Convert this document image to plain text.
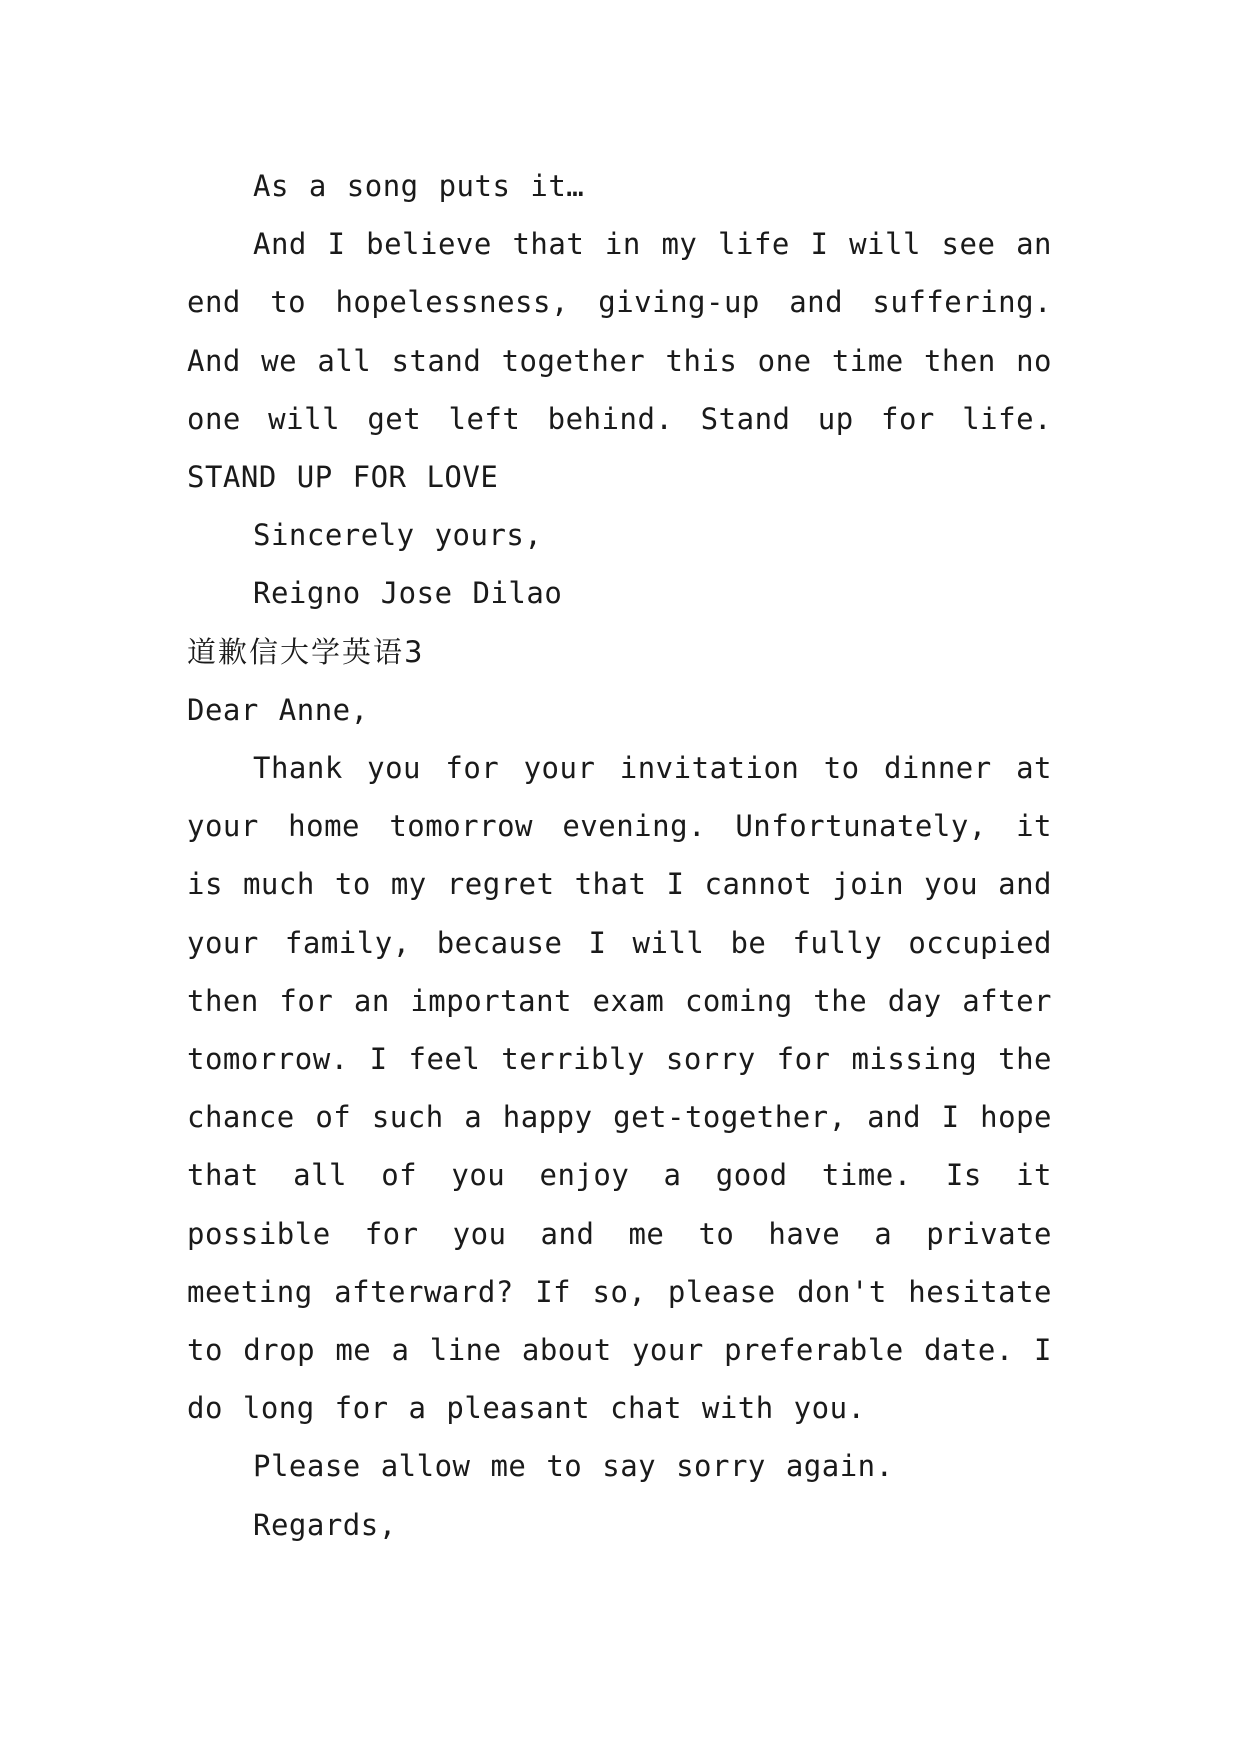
As a song puts it…

And I believe that in my life I will see an end to hopelessness, giving-up and suffering. And we all stand together this one time then no one will get left behind. Stand up for life. STAND UP FOR LOVE

Sincerely yours,

Reigno Jose Dilao

道歉信大学英语3

Dear Anne,

Thank you for your invitation to dinner at your home tomorrow evening. Unfortunately, it is much to my regret that I cannot join you and your family, because I will be fully occupied then for an important exam coming the day after tomorrow. I feel terribly sorry for missing the chance of such a happy get-together, and I hope that all of you enjoy a good time. Is it possible for you and me to have a private meeting afterward? If so, please don't hesitate to drop me a line about your preferable date. I do long for a pleasant chat with you.

Please allow me to say sorry again.

Regards,
